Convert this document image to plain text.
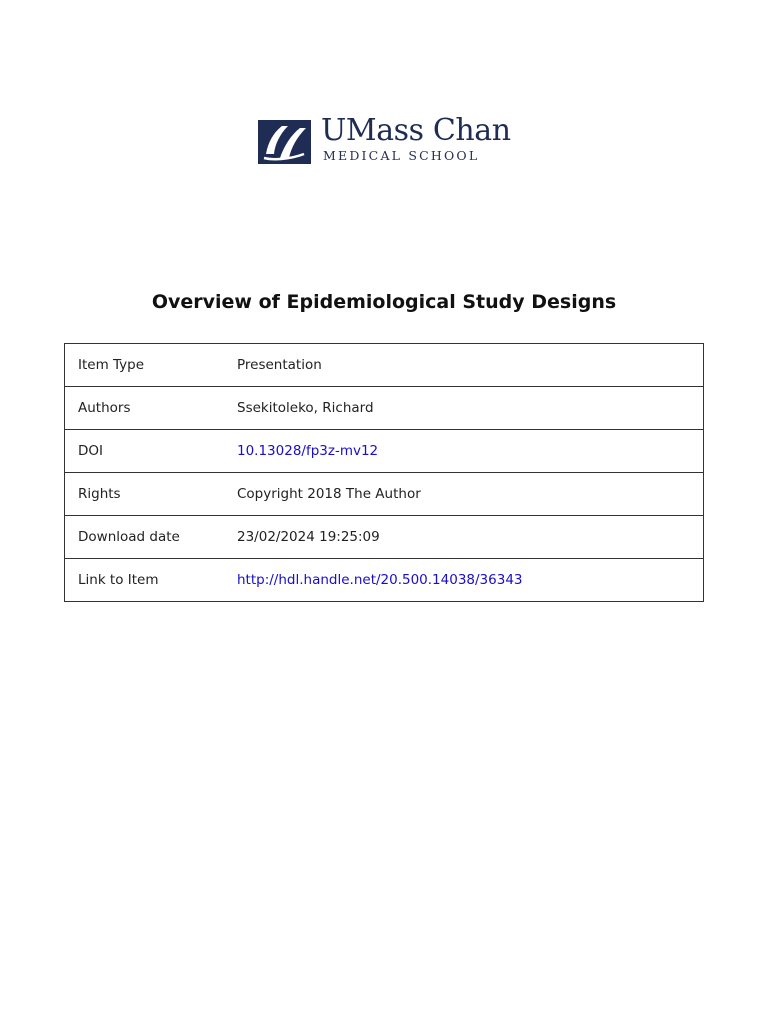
UMass Chan
MEDICAL SCHOOL
Overview of Epidemiological Study Designs
Item Type	Presentation
Authors	Ssekitoleko, Richard
DOI	10.13028/fp3z-mv12
Rights	Copyright 2018 The Author
Download date	23/02/2024 19:25:09
Link to Item	http://hdl.handle.net/20.500.14038/36343
